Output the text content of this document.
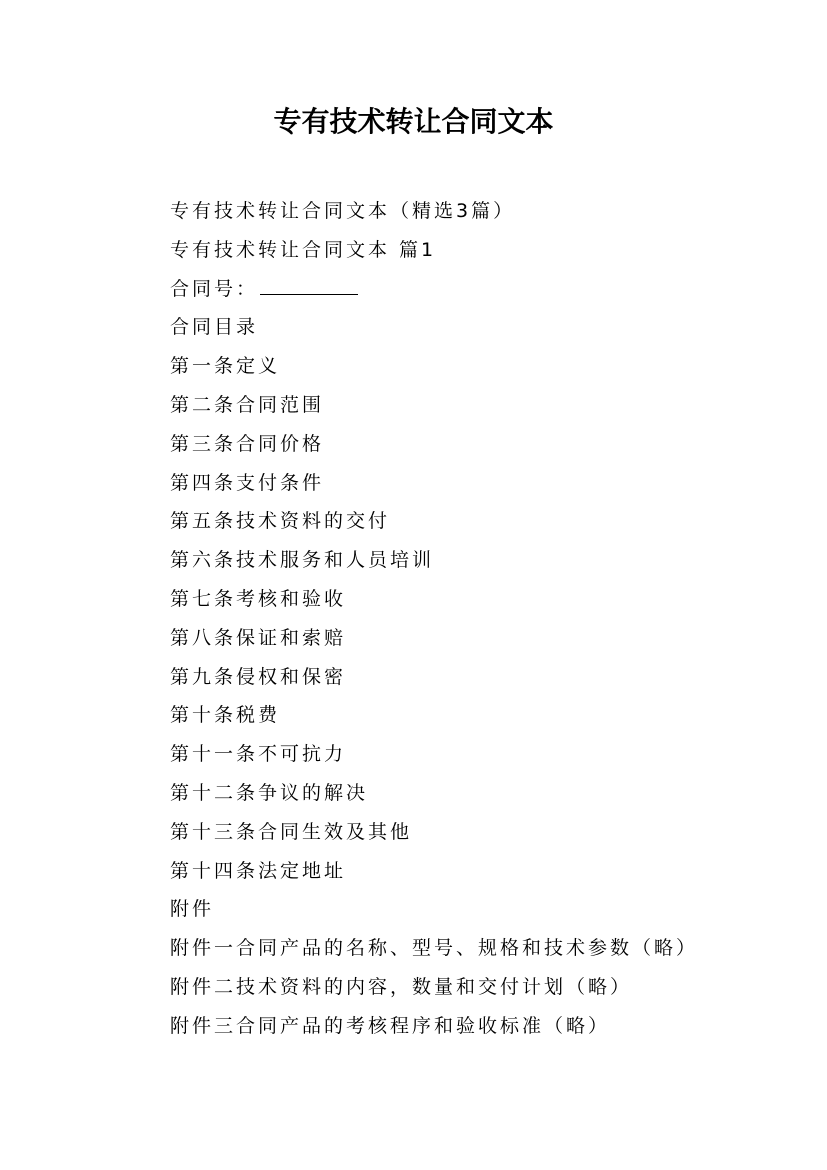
专有技术转让合同文本
专有技术转让合同文本（精选3篇）
专有技术转让合同文本 篇1
合同号：
合同目录
第一条定义
第二条合同范围
第三条合同价格
第四条支付条件
第五条技术资料的交付
第六条技术服务和人员培训
第七条考核和验收
第八条保证和索赔
第九条侵权和保密
第十条税费
第十一条不可抗力
第十二条争议的解决
第十三条合同生效及其他
第十四条法定地址
附件
附件一合同产品的名称、型号、规格和技术参数（略）
附件二技术资料的内容，数量和交付计划（略）
附件三合同产品的考核程序和验收标准（略）
